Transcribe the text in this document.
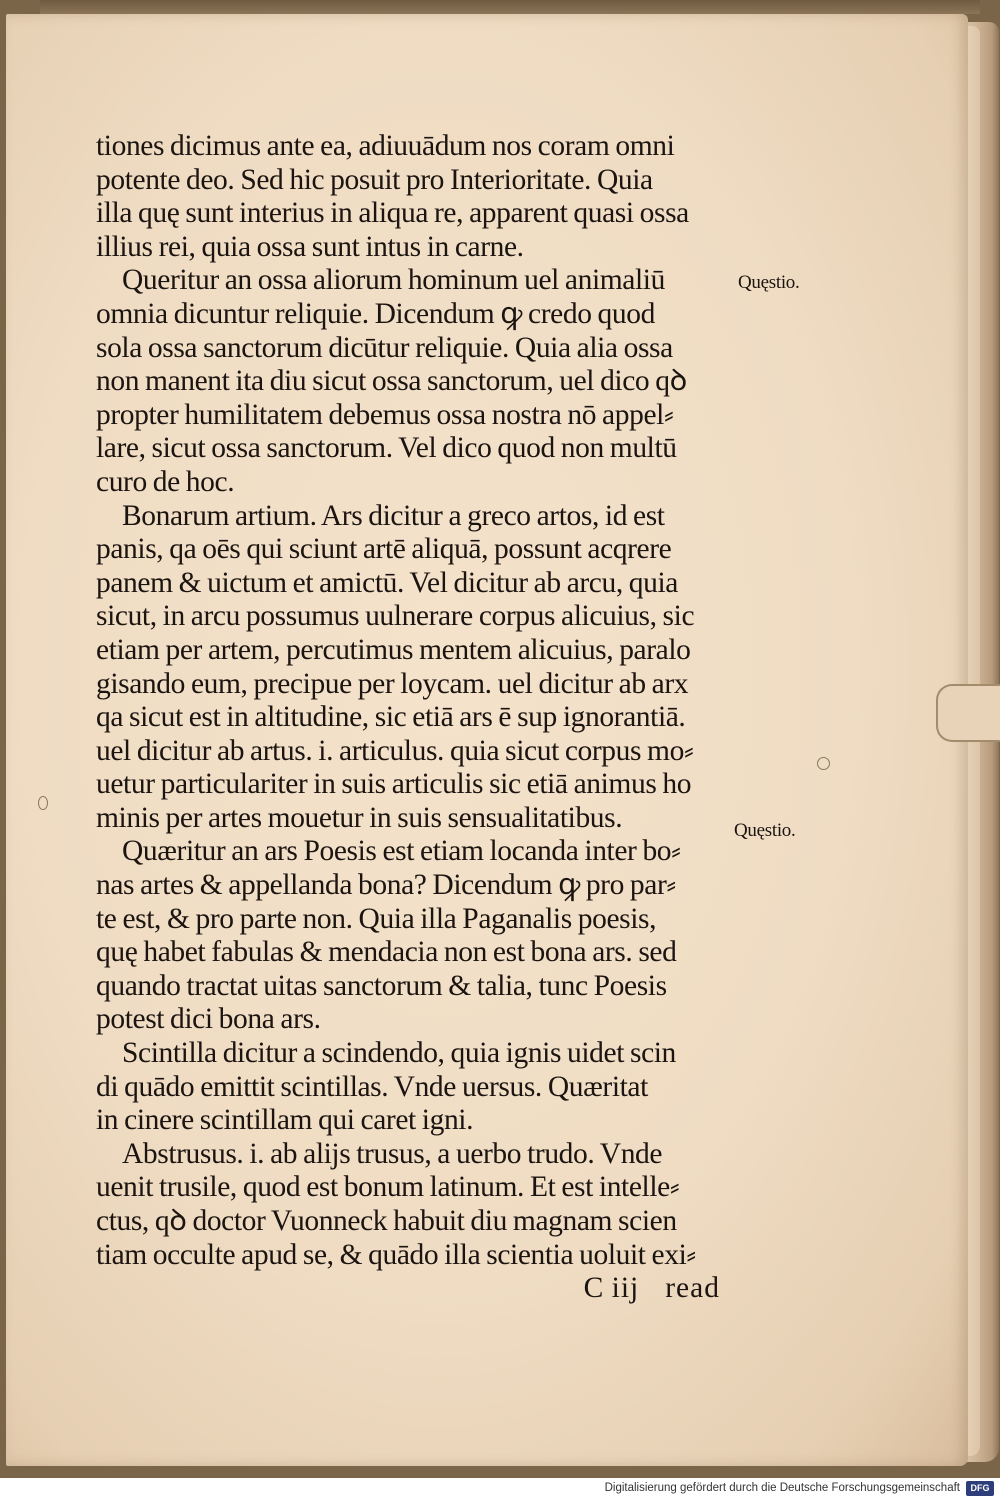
tiones dicimus ante ea, adiuuādum nos coram omni
potente deo. Sed hic posuit pro Interioritate. Quia
illa quę sunt interius in aliqua re, apparent quasi ossa
illius rei, quia ossa sunt intus in carne.
Queritur an ossa aliorum hominum uel animaliū
omnia dicuntur reliquie. Dicendum ꝙ credo quod
sola ossa sanctorum dicūtur reliquie. Quia alia ossa
non manent ita diu sicut ossa sanctorum, uel dico qꝺ
propter humilitatem debemus ossa nostra nō appel⸗
lare, sicut ossa sanctorum. Vel dico quod non multū
curo de hoc.
Bonarum artium. Ars dicitur a greco artos, id est
panis, qa oēs qui sciunt artē aliquā, possunt acqrere
panem & uictum et amictū. Vel dicitur ab arcu, quia
sicut, in arcu possumus uulnerare corpus alicuius, sic
etiam per artem, percutimus mentem alicuius, paralo
gisando eum, precipue per loycam. uel dicitur ab arx
qa sicut est in altitudine, sic etiā ars ē sup ignorantiā.
uel dicitur ab artus. i. articulus. quia sicut corpus mo⸗
uetur particulariter in suis articulis sic etiā animus ho
minis per artes mouetur in suis sensualitatibus.
Quæritur an ars Poesis est etiam locanda inter bo⸗
nas artes & appellanda bona? Dicendum ꝙ pro par⸗
te est, & pro parte non. Quia illa Paganalis poesis,
quę habet fabulas & mendacia non est bona ars. sed
quando tractat uitas sanctorum & talia, tunc Poesis
potest dici bona ars.
Scintilla dicitur a scindendo, quia ignis uidet scin
di quādo emittit scintillas. Vnde uersus. Quæritat
in cinere scintillam qui caret igni.
Abstrusus. i. ab alijs trusus, a uerbo trudo. Vnde
uenit trusile, quod est bonum latinum. Et est intelle⸗
ctus, qꝺ doctor Vuonneck habuit diu magnam scien
tiam occulte apud se, & quādo illa scientia uoluit exi⸗
C iij read
Quęstio.
Quęstio.
Digitalisierung gefördert durch die Deutsche Forschungsgemeinschaft	DFG
